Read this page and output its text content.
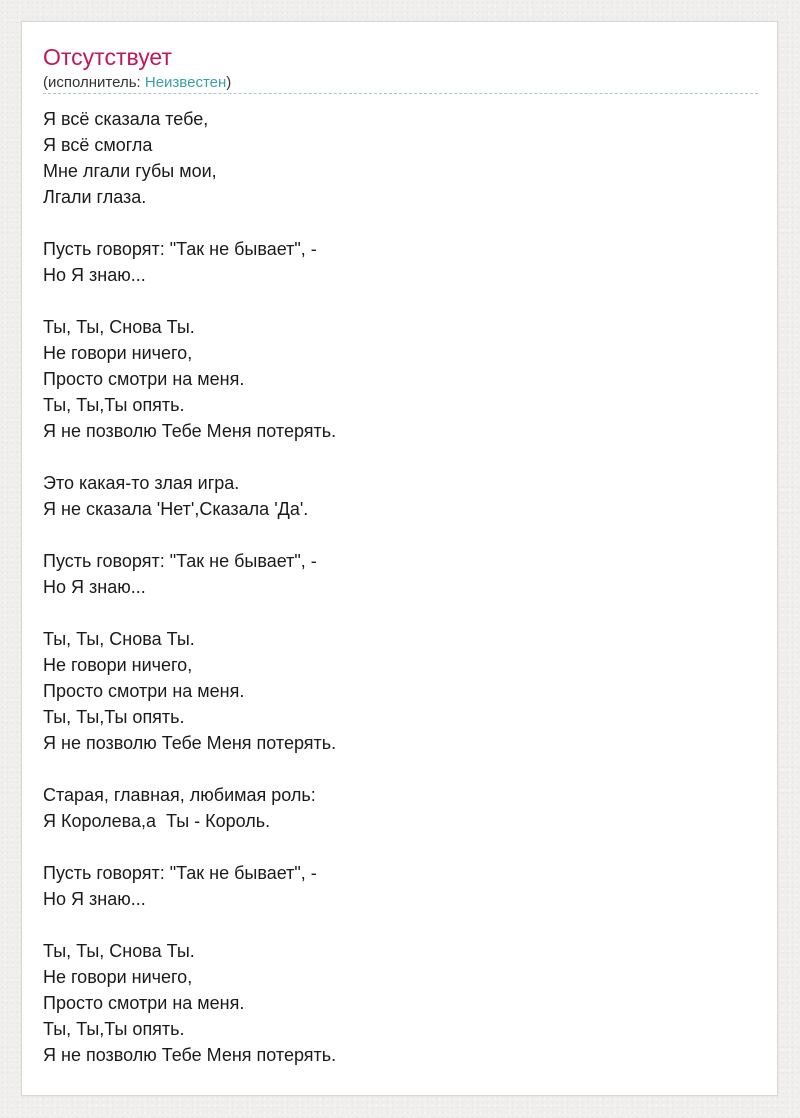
Отсутствует
(исполнитель: Неизвестен)
Я всё сказала тебе,
Я всё смогла
Мне лгали губы мои,
Лгали глаза.
Пусть говорят: "Так не бывает", -
Но Я знаю...
Ты, Ты, Снова Ты.
Не говори ничего,
Просто смотри на меня.
Ты, Ты,Ты опять.
Я не позволю Тебе Меня потерять.
Это какая-то злая игра.
Я не сказала 'Нет',Сказала 'Да'.
Пусть говорят: "Так не бывает", -
Но Я знаю...
Ты, Ты, Снова Ты.
Не говори ничего,
Просто смотри на меня.
Ты, Ты,Ты опять.
Я не позволю Тебе Меня потерять.
Старая, главная, любимая роль:
Я Королева,а  Ты - Король.
Пусть говорят: "Так не бывает", -
Но Я знаю...
Ты, Ты, Снова Ты.
Не говори ничего,
Просто смотри на меня.
Ты, Ты,Ты опять.
Я не позволю Тебе Меня потерять.
